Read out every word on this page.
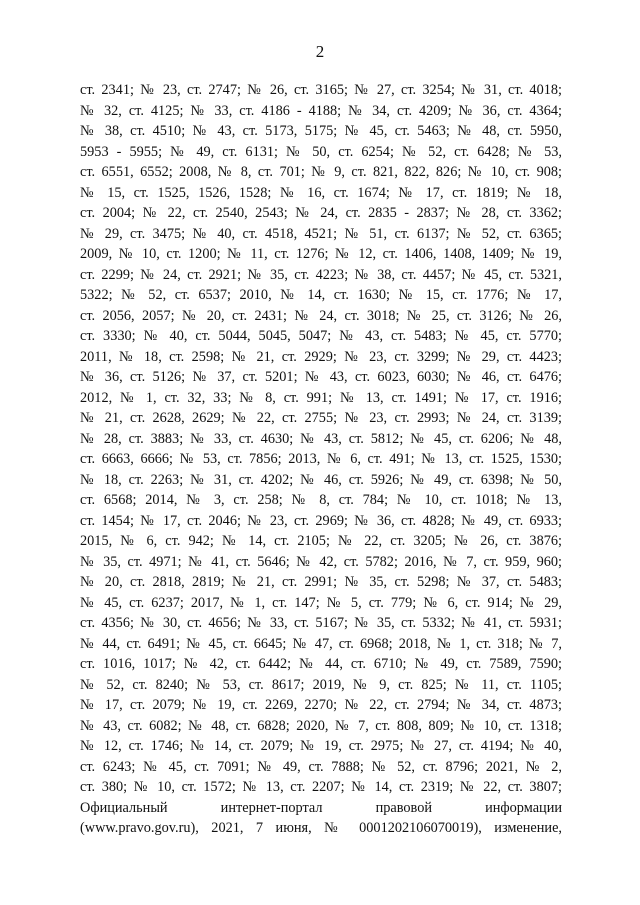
2
ст. 2341; № 23, ст. 2747; № 26, ст. 3165; № 27, ст. 3254; № 31, ст. 4018;
№ 32, ст. 4125; № 33, ст. 4186 - 4188; № 34, ст. 4209; № 36, ст. 4364;
№ 38, ст. 4510; № 43, ст. 5173, 5175; № 45, ст. 5463; № 48, ст. 5950,
5953 - 5955; № 49, ст. 6131; № 50, ст. 6254; № 52, ст. 6428; № 53,
ст. 6551, 6552; 2008, № 8, ст. 701; № 9, ст. 821, 822, 826; № 10, ст. 908;
№ 15, ст. 1525, 1526, 1528; № 16, ст. 1674; № 17, ст. 1819; № 18,
ст. 2004; № 22, ст. 2540, 2543; № 24, ст. 2835 - 2837; № 28, ст. 3362;
№ 29, ст. 3475; № 40, ст. 4518, 4521; № 51, ст. 6137; № 52, ст. 6365;
2009, № 10, ст. 1200; № 11, ст. 1276; № 12, ст. 1406, 1408, 1409; № 19,
ст. 2299; № 24, ст. 2921; № 35, ст. 4223; № 38, ст. 4457; № 45, ст. 5321,
5322; № 52, ст. 6537; 2010, № 14, ст. 1630; № 15, ст. 1776; № 17,
ст. 2056, 2057; № 20, ст. 2431; № 24, ст. 3018; № 25, ст. 3126; № 26,
ст. 3330; № 40, ст. 5044, 5045, 5047; № 43, ст. 5483; № 45, ст. 5770;
2011, № 18, ст. 2598; № 21, ст. 2929; № 23, ст. 3299; № 29, ст. 4423;
№ 36, ст. 5126; № 37, ст. 5201; № 43, ст. 6023, 6030; № 46, ст. 6476;
2012, № 1, ст. 32, 33; № 8, ст. 991; № 13, ст. 1491; № 17, ст. 1916;
№ 21, ст. 2628, 2629; № 22, ст. 2755; № 23, ст. 2993; № 24, ст. 3139;
№ 28, ст. 3883; № 33, ст. 4630; № 43, ст. 5812; № 45, ст. 6206; № 48,
ст. 6663, 6666; № 53, ст. 7856; 2013, № 6, ст. 491; № 13, ст. 1525, 1530;
№ 18, ст. 2263; № 31, ст. 4202; № 46, ст. 5926; № 49, ст. 6398; № 50,
ст. 6568; 2014, № 3, ст. 258; № 8, ст. 784; № 10, ст. 1018; № 13,
ст. 1454; № 17, ст. 2046; № 23, ст. 2969; № 36, ст. 4828; № 49, ст. 6933;
2015, № 6, ст. 942; № 14, ст. 2105; № 22, ст. 3205; № 26, ст. 3876;
№ 35, ст. 4971; № 41, ст. 5646; № 42, ст. 5782; 2016, № 7, ст. 959, 960;
№ 20, ст. 2818, 2819; № 21, ст. 2991; № 35, ст. 5298; № 37, ст. 5483;
№ 45, ст. 6237; 2017, № 1, ст. 147; № 5, ст. 779; № 6, ст. 914; № 29,
ст. 4356; № 30, ст. 4656; № 33, ст. 5167; № 35, ст. 5332; № 41, ст. 5931;
№ 44, ст. 6491; № 45, ст. 6645; № 47, ст. 6968; 2018, № 1, ст. 318; № 7,
ст. 1016, 1017; № 42, ст. 6442; № 44, ст. 6710; № 49, ст. 7589, 7590;
№ 52, ст. 8240; № 53, ст. 8617; 2019, № 9, ст. 825; № 11, ст. 1105;
№ 17, ст. 2079; № 19, ст. 2269, 2270; № 22, ст. 2794; № 34, ст. 4873;
№ 43, ст. 6082; № 48, ст. 6828; 2020, № 7, ст. 808, 809; № 10, ст. 1318;
№ 12, ст. 1746; № 14, ст. 2079; № 19, ст. 2975; № 27, ст. 4194; № 40,
ст. 6243; № 45, ст. 7091; № 49, ст. 7888; № 52, ст. 8796; 2021, № 2,
ст. 380; № 10, ст. 1572; № 13, ст. 2207; № 14, ст. 2319; № 22, ст. 3807;
Официальный интернет-портал правовой информации
(www.pravo.gov.ru), 2021, 7 июня, № 0001202106070019), изменение,
